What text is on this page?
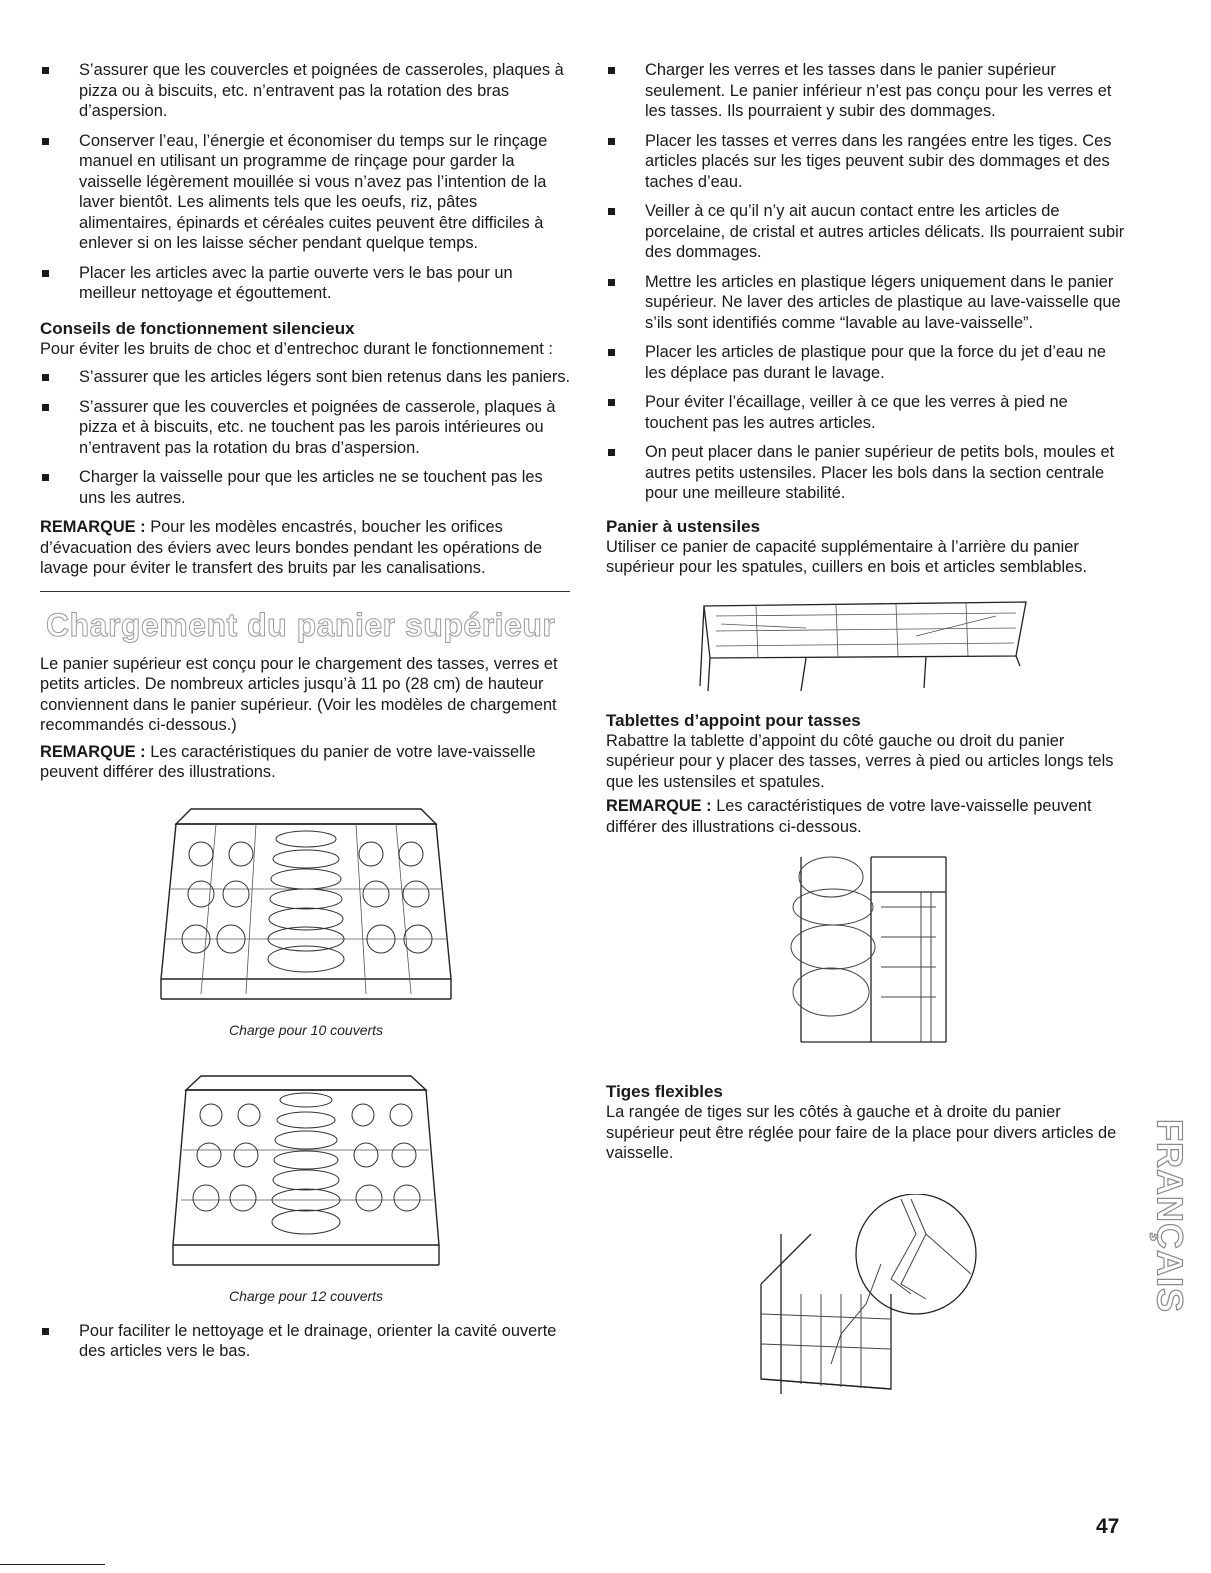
S’assurer que les couvercles et poignées de casseroles, plaques à pizza ou à biscuits, etc. n’entravent pas la rotation des bras d’aspersion.
Conserver l’eau, l’énergie et économiser du temps sur le rinçage manuel en utilisant un programme de rinçage pour garder la vaisselle légèrement mouillée si vous n’avez pas l’intention de la laver bientôt. Les aliments tels que les oeufs, riz, pâtes alimentaires, épinards et céréales cuites peuvent être difficiles à enlever si on les laisse sécher pendant quelque temps.
Placer les articles avec la partie ouverte vers le bas pour un meilleur nettoyage et égouttement.
Conseils de fonctionnement silencieux

Pour éviter les bruits de choc et d’entrechoc durant le fonctionnement :

S’assurer que les articles légers sont bien retenus dans les paniers.
S’assurer que les couvercles et poignées de casserole, plaques à pizza et à biscuits, etc. ne touchent pas les parois intérieures ou n’entravent pas la rotation du bras d’aspersion.
Charger la vaisselle pour que les articles ne se touchent pas les uns les autres.

REMARQUE : Pour les modèles encastrés, boucher les orifices d’évacuation des éviers avec leurs bondes pendant les opérations de lavage pour éviter le transfert des bruits par les canalisations.

Chargement du panier supérieur

Le panier supérieur est conçu pour le chargement des tasses, verres et petits articles. De nombreux articles jusqu’à 11 po (28 cm) de hauteur conviennent dans le panier supérieur. (Voir les modèles de chargement recommandés ci-dessous.)

REMARQUE : Les caractéristiques du panier de votre lave-vaisselle peuvent différer des illustrations.

Charge pour 10 couverts
Charge pour 12 couverts
Pour faciliter le nettoyage et le drainage, orienter la cavité ouverte des articles vers le bas.
Charger les verres et les tasses dans le panier supérieur seulement. Le panier inférieur n’est pas conçu pour les verres et les tasses. Ils pourraient y subir des dommages.
Placer les tasses et verres dans les rangées entre les tiges. Ces articles placés sur les tiges peuvent subir des dommages et des taches d’eau.
Veiller à ce qu’il n’y ait aucun contact entre les articles de porcelaine, de cristal et autres articles délicats. Ils pourraient subir des dommages.
Mettre les articles en plastique légers uniquement dans le panier supérieur. Ne laver des articles de plastique au lave-vaisselle que s’ils sont identifiés comme “lavable au lave-vaisselle”.
Placer les articles de plastique pour que la force du jet d’eau ne les déplace pas durant le lavage.
Pour éviter l’écaillage, veiller à ce que les verres à pied ne touchent pas les autres articles.
On peut placer dans le panier supérieur de petits bols, moules et autres petits ustensiles. Placer les bols dans la section centrale pour une meilleure stabilité.
Panier à ustensiles

Utiliser ce panier de capacité supplémentaire à l’arrière du panier supérieur pour les spatules, cuillers en bois et articles semblables.

Tablettes d’appoint pour tasses

Rabattre la tablette d’appoint du côté gauche ou droit du panier supérieur pour y placer des tasses, verres à pied ou articles longs tels que les ustensiles et spatules.

REMARQUE : Les caractéristiques de votre lave-vaisselle peuvent différer des illustrations ci-dessous.

Tiges flexibles

La rangée de tiges sur les côtés à gauche et à droite du panier supérieur peut être réglée pour faire de la place pour divers articles de vaisselle.	FRANÇAIS
47
